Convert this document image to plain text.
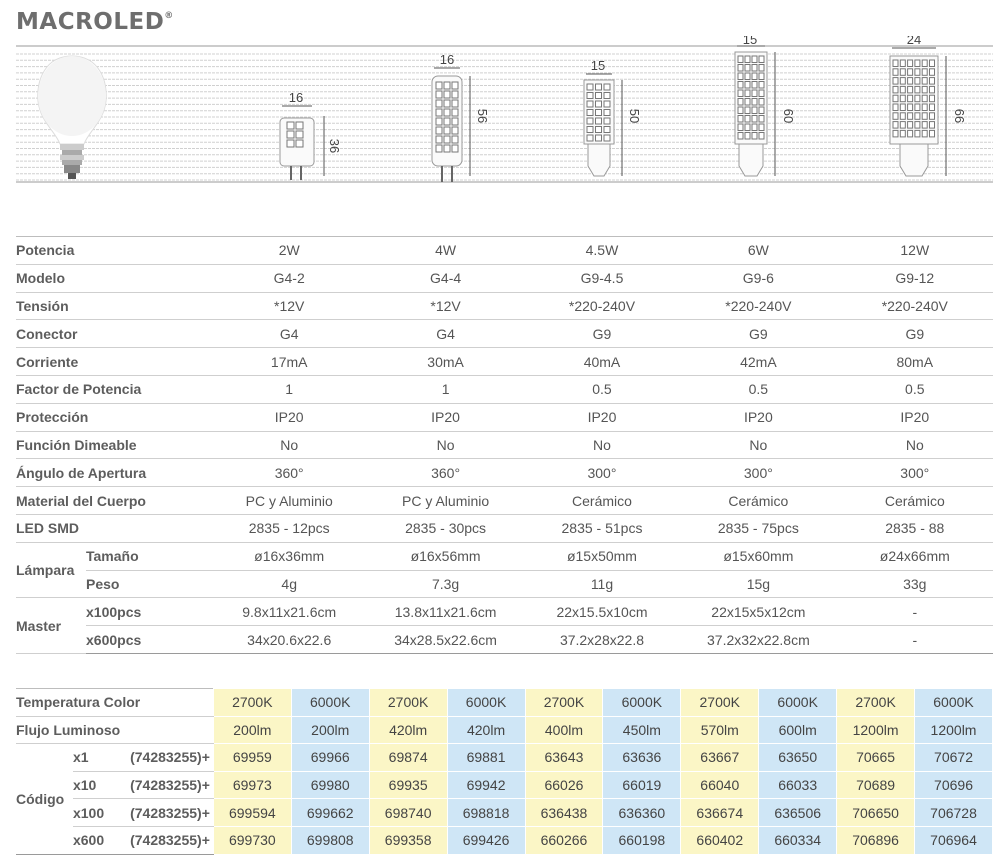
MACROLED®
16
36
16
56
15
50
15
60
24
66
Potencia		2W	4W	4.5W	6W	12W
Modelo		G4-2	G4-4	G9-4.5	G9-6	G9-12
Tensión		*12V	*12V	*220-240V	*220-240V	*220-240V
Conector		G4	G4	G9	G9	G9
Corriente		17mA	30mA	40mA	42mA	80mA
Factor de Potencia		1	1	0.5	0.5	0.5
Protección		IP20	IP20	IP20	IP20	IP20
Función Dimeable		No	No	No	No	No
Ángulo de Apertura		360°	360°	300°	300°	300°
Material del Cuerpo		PC y Aluminio	PC y Aluminio	Cerámico	Cerámico	Cerámico
LED SMD		2835 - 12pcs	2835 - 30pcs	2835 - 51pcs	2835 - 75pcs	2835 - 88
Lámpara	Tamaño	ø16x36mm	ø16x56mm	ø15x50mm	ø15x60mm	ø24x66mm
	Peso	4g	7.3g	11g	15g	33g
Master	x100pcs	9.8x11x21.6cm	13.8x11x21.6cm	22x15.5x10cm	22x15x5x12cm	-
	x600pcs	34x20.6x22.6	34x28.5x22.6cm	37.2x28x22.8	37.2x32x22.8cm	-
Temperatura Color			2700K	6000K	2700K	6000K	2700K	6000K	2700K	6000K	2700K	6000K
Flujo Luminoso			200lm	200lm	420lm	420lm	400lm	450lm	570lm	600lm	1200lm	1200lm
Código	x1	(74283255)+	69959	69966	69874	69881	63643	63636	63667	63650	70665	70672
	x10	(74283255)+	69973	69980	69935	69942	66026	66019	66040	66033	70689	70696
	x100	(74283255)+	699594	699662	698740	698818	636438	636360	636674	636506	706650	706728
	x600	(74283255)+	699730	699808	699358	699426	660266	660198	660402	660334	706896	706964
